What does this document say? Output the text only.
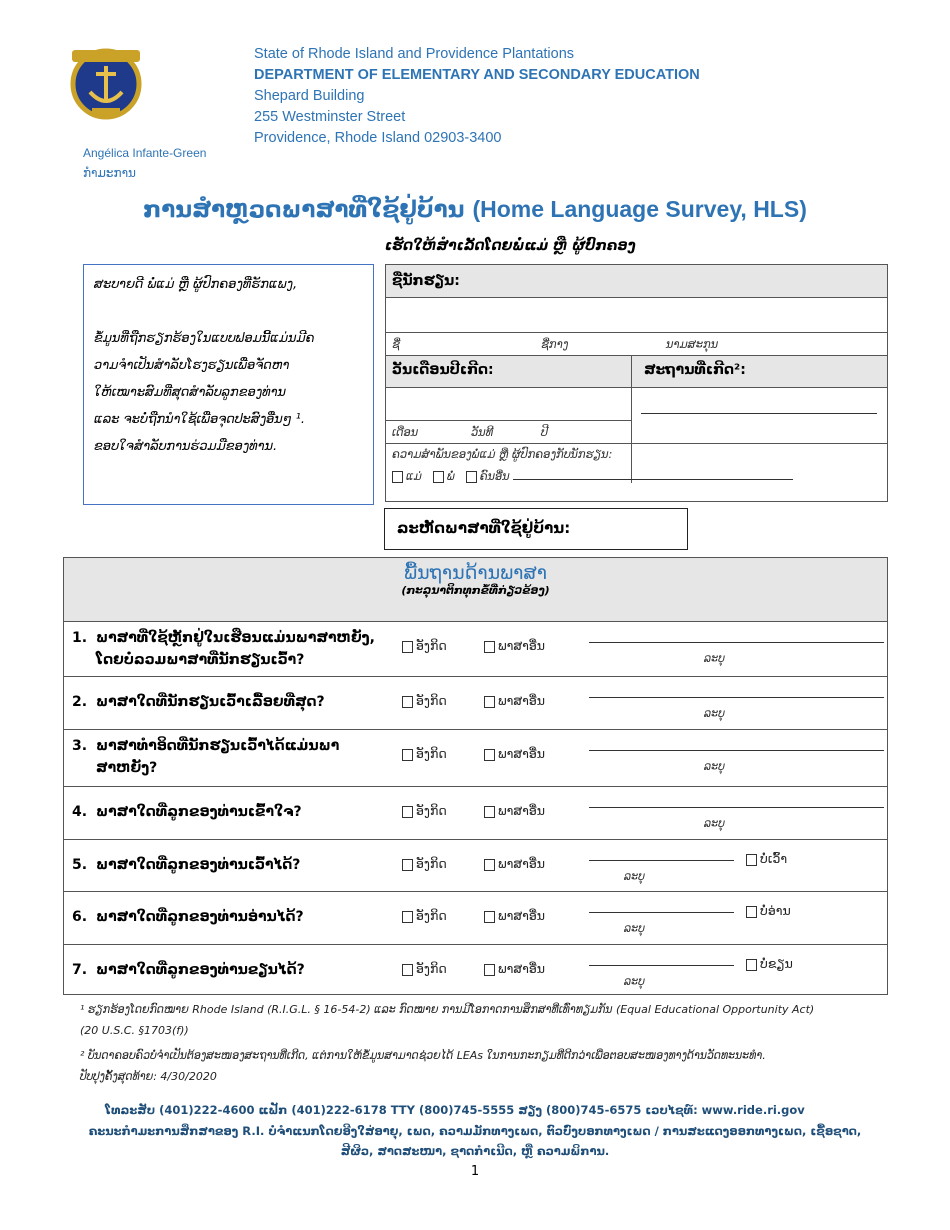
State of Rhode Island and Providence Plantations
DEPARTMENT OF ELEMENTARY AND SECONDARY EDUCATION
Shepard Building
255 Westminster Street
Providence, Rhode Island 02903-3400
Angélica Infante-Green
ກຳມະການ
ການສຳຫຼວດພາສາທີ່ໃຊ້ຢູ່ບ້ານ (Home Language Survey, HLS)
ເຮັດໃຫ້ສຳເລັດໂດຍພໍ່ແມ່ ຫຼື ຜູ້ປົກຄອງ
ສະບາຍດີ ພໍ່ແມ່ ຫຼື ຜູ້ປົກຄອງທີ່ຮັກແພງ,
ຂໍ້ມູນທີ່ຖືກຮຽກຮ້ອງໃນແບບຟອມນີ້ແມ່ນມີຄ
ວາມຈຳເປັນສຳລັບໂຮງຮຽນເພື່ອຈັດຫາ
ໃຫ້ເໝາະສົມທີ່ສຸດສຳລັບລູກຂອງທ່ານ
ແລະ ຈະບໍ່ຖືກນຳໃຊ້ເພື່ອຈຸດປະສົງອື່ນໆ ¹.
ຂອບໃຈສຳລັບການຮ່ວມມືຂອງທ່ານ.
ຊື່ນັກຮຽນ:
ຊື່	ຊື່ກາງ	ນາມສະກຸນ
ວັນເດືອນປີເກີດ:	ສະຖານທີ່ເກີດ²:
ເດືອນ	ວັນທີ	ປີ
ຄວາມສຳພັນຂອງພໍ່ແມ່ ຫຼື ຜູ້ປົກຄອງກັບນັກຮຽນ:
ແມ່ ພໍ່ ຄົນອື່ນ
ລະຫັດພາສາທີ່ໃຊ້ຢູ່ບ້ານ:
ພື້ນຖານດ້ານພາສາ
(ກະລຸນາຕິກທຸກຂໍ້ທີ່ກ່ຽວຂ້ອງ)
1. ພາສາທີ່ໃຊ້ຫຼັກຢູ່ໃນເຮືອນແມ່ນພາສາຫຍັງ,
ໂດຍບໍ່ລວມພາສາທີ່ນັກຮຽນເວົ້າ?
ອັງກິດ	ພາສາອື່ນ
ລະບຸ
2. ພາສາໃດທີ່ນັກຮຽນເວົ້າເລື້ອຍທີ່ສຸດ?	ອັງກິດ	ພາສາອື່ນ
ລະບຸ
3. ພາສາທຳອິດທີ່ນັກຮຽນເວົ້າໄດ້ແມ່ນພາ
ສາຫຍັງ?
ອັງກິດ	ພາສາອື່ນ
ລະບຸ
4. ພາສາໃດທີ່ລູກຂອງທ່ານເຂົ້າໃຈ?	ອັງກິດ	ພາສາອື່ນ
ລະບຸ
5. ພາສາໃດທີ່ລູກຂອງທ່ານເວົ້າໄດ້?	ອັງກິດ	ພາສາອື່ນ
ລະບຸ
ບໍ່ເວົ້າ
6. ພາສາໃດທີ່ລູກຂອງທ່ານອ່ານໄດ້?	ອັງກິດ	ພາສາອື່ນ
ລະບຸ
ບໍ່ອ່ານ
7. ພາສາໃດທີ່ລູກຂອງທ່ານຂຽນໄດ້?	ອັງກິດ	ພາສາອື່ນ
ລະບຸ
ບໍ່ຂຽນ
¹ ຮຽກຮ້ອງໂດຍກົດໝາຍ Rhode Island (R.I.G.L. § 16-54-2) ແລະ ກົດໝາຍ ການມີໂອກາດການສຶກສາທີ່ເທົ່າທຽມກັນ (Equal Educational Opportunity Act)
(20 U.S.C. §1703(f))
² ບັນດາຄອບຄົວບໍ່ຈຳເປັນຕ້ອງສະໜອງສະຖານທີ່ເກີດ, ແຕ່ການໃຫ້ຂໍ້ມູນສາມາດຊ່ວຍໄດ້ LEAs ໃນການກະກຽມທີ່ດີກວ່າເພື່ອຕອບສະໜອງທາງດ້ານວັດທະນະທຳ.
ປັບປຸງຄັ້ງສຸດທ້າຍ: 4/30/2020
ໂທລະສັບ (401)222-4600 ແຟັກ (401)222-6178 TTY (800)745-5555 ສຽງ (800)745-6575 ເວບໄຊທ໌: www.ride.ri.gov
ຄະນະກຳມະການສຶກສາຂອງ R.I. ບໍ່ຈຳແນກໂດຍອີງໃສ່ອາຍຸ, ເພດ, ຄວາມມັກທາງເພດ, ຕົວບົ່ງບອກທາງເພດ / ການສະແດງອອກທາງເພດ, ເຊື້ອຊາດ,
ສີຜິວ, ສາດສະໜາ, ຊາດກຳເນີດ, ຫຼື ຄວາມພິການ.
1
